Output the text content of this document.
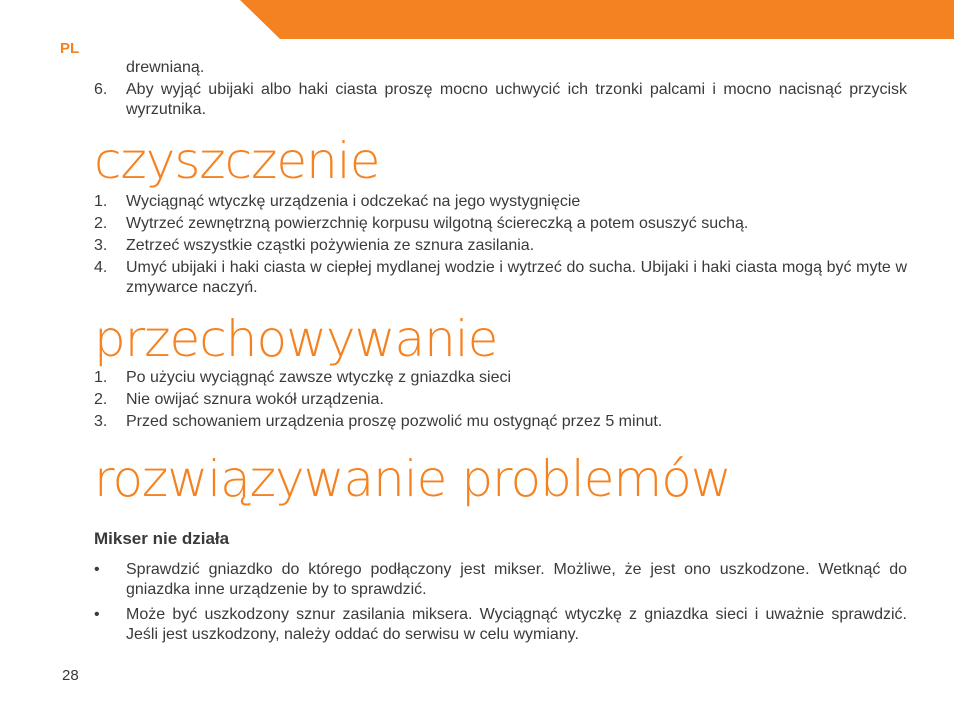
PL
drewnianą.
6.	Aby wyjąć ubijaki albo haki ciasta proszę mocno uchwycić ich trzonki palcami i mocno nacisnąć przycisk wyrzutnika.
czyszczenie
1.	Wyciągnąć wtyczkę urządzenia i odczekać na jego wystygnięcie
2.	Wytrzeć zewnętrzną powierzchnię korpusu wilgotną ściereczką a potem osuszyć suchą.
3.	Zetrzeć wszystkie cząstki pożywienia ze sznura zasilania.
4.	Umyć ubijaki i haki ciasta w ciepłej mydlanej wodzie i wytrzeć do sucha. Ubijaki i haki ciasta mogą być myte w zmywarce naczyń.
przechowywanie
1.	Po użyciu wyciągnąć zawsze wtyczkę z gniazdka sieci
2.	Nie owijać sznura wokół urządzenia.
3.	Przed schowaniem urządzenia proszę pozwolić mu ostygnąć przez 5 minut.
rozwiązywanie problemów
Mikser nie działa
•	Sprawdzić gniazdko do którego podłączony jest mikser. Możliwe, że jest ono uszkodzone. Wetknąć do gniazdka inne urządzenie by to sprawdzić.
•	Może być uszkodzony sznur zasilania miksera. Wyciągnąć wtyczkę z gniazdka sieci i uważnie sprawdzić. Jeśli jest uszkodzony, należy oddać do serwisu w celu wymiany.
28
